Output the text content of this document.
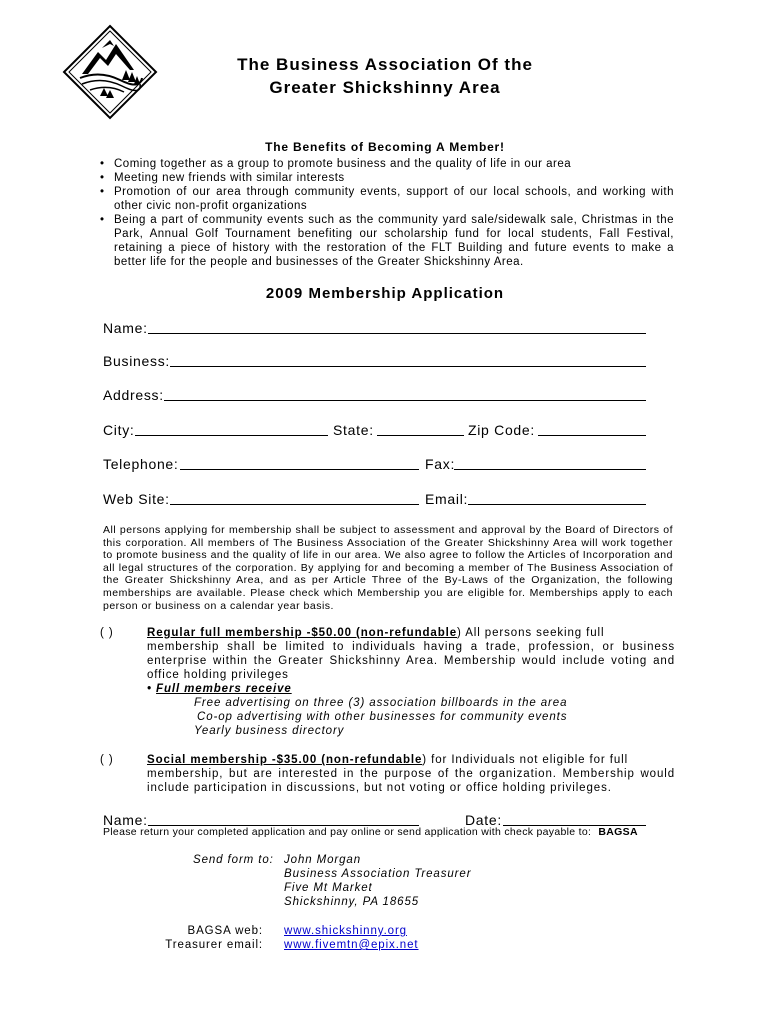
The Business Association Of the
Greater Shickshinny Area
The Benefits of Becoming A Member!
• Coming together as a group to promote business and the quality of life in our area
• Meeting new friends with similar interests
• Promotion of our area through community events, support of our local schools, and working with other civic non-profit organizations
• Being a part of community events such as the community yard sale/sidewalk sale, Christmas in the Park, Annual Golf Tournament benefiting our scholarship fund for local students, Fall Festival, retaining a piece of history with the restoration of the FLT Building and future events to make a better life for the people and businesses of the Greater Shickshinny Area.
2009 Membership Application
Name:
Business:
Address:
City:	State:	Zip Code:
Telephone:	Fax:
Web Site:	Email:
All persons applying for membership shall be subject to assessment and approval by the Board of Directors of this corporation. All members of The Business Association of the Greater Shickshinny Area will work together to promote business and the quality of life in our area. We also agree to follow the Articles of Incorporation and all legal structures of the corporation. By applying for and becoming a member of The Business Association of the Greater Shickshinny Area, and as per Article Three of the By-Laws of the Organization, the following memberships are available. Please check which Membership you are eligible for. Memberships apply to each person or business on a calendar year basis.
( )	Regular full membership -$50.00 (non-refundable) All persons seeking full
membership shall be limited to individuals having a trade, profession, or business enterprise within the Greater Shickshinny Area. Membership would include voting and office holding privileges
• Full members receive
Free advertising on three (3) association billboards in the area
Co-op advertising with other businesses for community events
Yearly business directory
( )	Social membership -$35.00 (non-refundable) for Individuals not eligible for full
membership, but are interested in the purpose of the organization. Membership would include participation in discussions, but not voting or office holding privileges.
Name:	Date:
Please return your completed application and pay online or send application with check payable to: BAGSA
Send form to: John Morgan
Business Association Treasurer
Five Mt Market
Shickshinny, PA 18655
BAGSA web: www.shickshinny.org
Treasurer email: www.fivemtn@epix.net
